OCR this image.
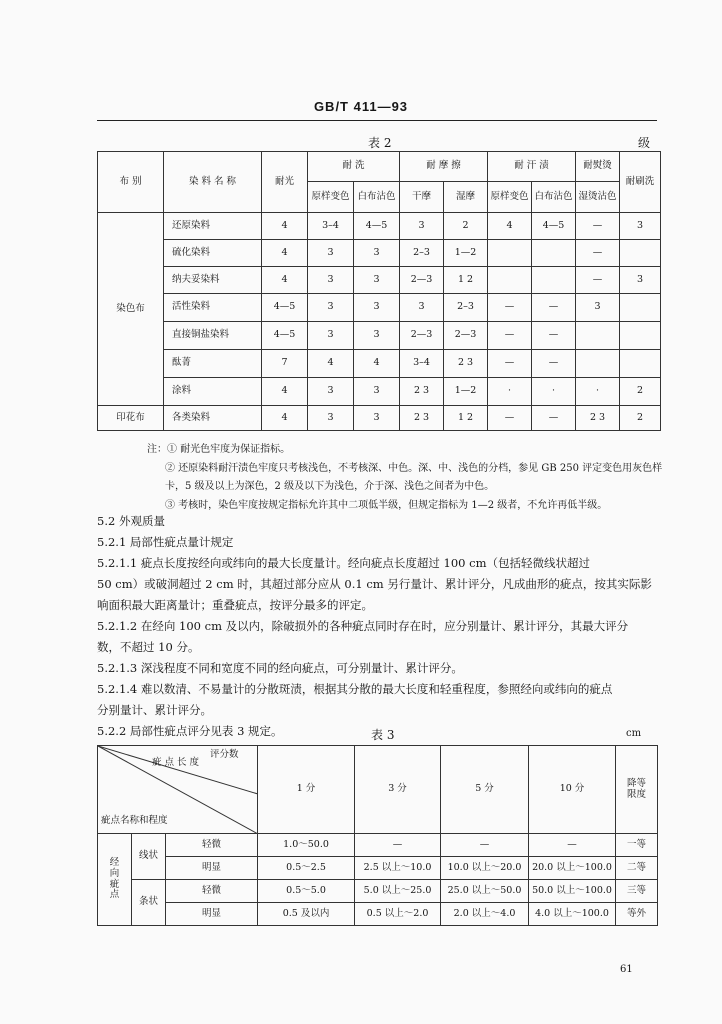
GB/T 411—93
表 2	级
布 别	染 料 名 称	耐光	耐 洗		耐 摩 擦		耐 汗 渍		耐熨烫	耐刷洗
			原样变色	白布沾色	干摩	湿摩	原样变色	白布沾色	湿烫沾色	
染色布	还原染料	4	3–4	4—5	3	2	4	4—5	—	3
	硫化染料	4	3	3	2–3	1—2			—	
	纳夫妥染料	4	3	3	2—3	1 2			—	3
	活性染料	4—5	3	3	3	2–3	—	—	3	
	直接铜盐染料	4—5	3	3	2—3	2—3	—	—		
	酞菁	7	4	4	3–4	2 3	—	—		
	涂料	4	3	3	2 3	1—2	·	·	·	2
印花布	各类染料	4	3	3	2 3	1 2	—	—	2 3	2
注：① 耐光色牢度为保证指标。
② 还原染料耐汗渍色牢度只考核浅色，不考核深、中色。深、中、浅色的分档，参见 GB 250 评定变色用灰色样
卡，5 级及以上为深色，2 级及以下为浅色，介于深、浅色之间者为中色。
③ 考核时，染色牢度按规定指标允许其中二项低半级，但规定指标为 1—2 级者，不允许再低半级。
5.2 外观质量
5.2.1 局部性疵点量计规定
5.2.1.1 疵点长度按经向或纬向的最大长度量计。经向疵点长度超过 100 cm（包括轻微线状超过
50 cm）或破洞超过 2 cm 时，其超过部分应从 0.1 cm 另行量计、累计评分，凡成曲形的疵点，按其实际影
响面积最大距离量计；重叠疵点，按评分最多的评定。
5.2.1.2 在经向 100 cm 及以内，除破损外的各种疵点同时存在时，应分别量计、累计评分，其最大评分
数，不超过 10 分。
5.2.1.3 深浅程度不同和宽度不同的经向疵点，可分别量计、累计评分。
5.2.1.4 难以数清、不易量计的分散斑渍，根据其分散的最大长度和轻重程度，参照经向或纬向的疵点
分别量计、累计评分。
5.2.2 局部性疵点评分见表 3 规定。	表 3	cm
评分数
疵 点 长 度
疵点名称和程度			1 分	3 分	5 分	10 分	降等限度
经向疵点	线状	轻微	1.0～50.0	—	—	—	一等
		明显	0.5～2.5	2.5 以上～10.0	10.0 以上～20.0	20.0 以上～100.0	二等
	条状	轻微	0.5～5.0	5.0 以上～25.0	25.0 以上～50.0	50.0 以上～100.0	三等
		明显	0.5 及以内	0.5 以上～2.0	2.0 以上～4.0	4.0 以上～100.0	等外
61
